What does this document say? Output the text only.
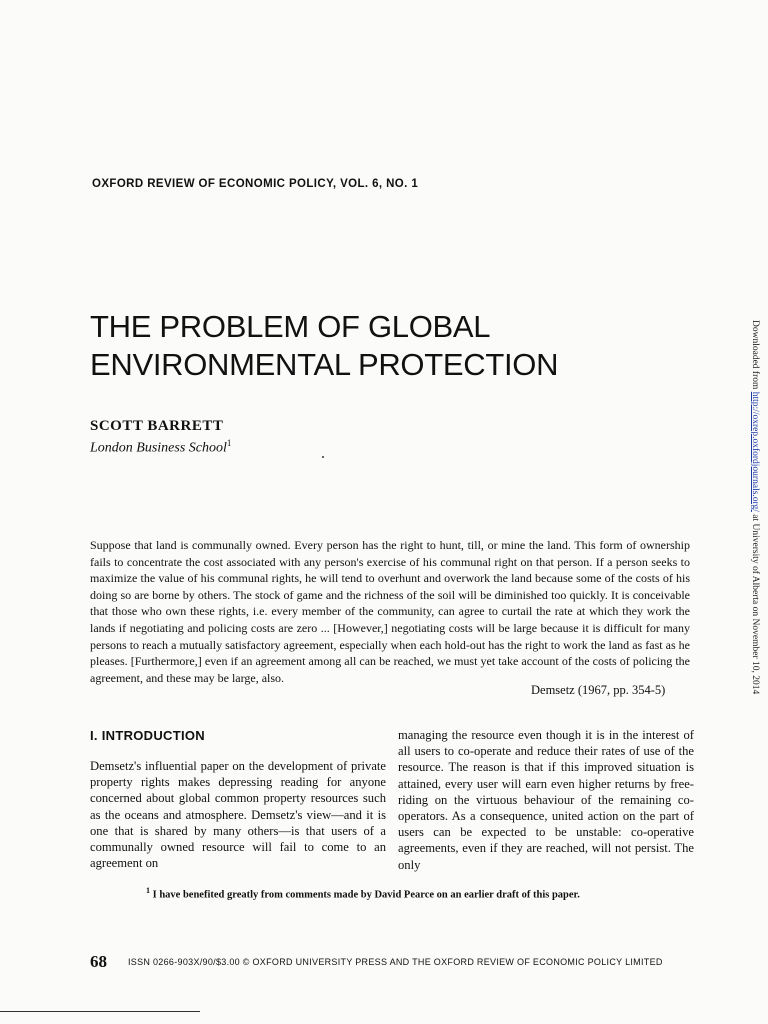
OXFORD REVIEW OF ECONOMIC POLICY, VOL. 6, NO. 1
THE PROBLEM OF GLOBAL
ENVIRONMENTAL PROTECTION
SCOTT BARRETT
London Business School$^1$

Suppose that land is communally owned. Every person has the right to hunt, till, or mine the land. This form of ownership fails to concentrate the cost associated with any person's exercise of his communal right on that person. If a person seeks to maximize the value of his communal rights, he will tend to overhunt and overwork the land because some of the costs of his doing so are borne by others. The stock of game and the richness of the soil will be diminished too quickly. It is conceivable that those who own these rights, i.e. every member of the community, can agree to curtail the rate at which they work the lands if negotiating and policing costs are zero ... [However,] negotiating costs will be large because it is difficult for many persons to reach a mutually satisfactory agreement, especially when each hold-out has the right to work the land as fast as he pleases. [Furthermore,] even if an agreement among all can be reached, we must yet take account of the costs of policing the agreement, and these may be large, also.

Demsetz (1967, pp. 354-5)
I. INTRODUCTION

Demsetz's influential paper on the development of private property rights makes depressing reading for anyone concerned about global common property resources such as the oceans and atmosphere. Demsetz's view—and it is one that is shared by many others—is that users of a communally owned resource will fail to come to an agreement on

managing the resource even though it is in the interest of all users to co-operate and reduce their rates of use of the resource. The reason is that if this improved situation is attained, every user will earn even higher returns by free-riding on the virtuous behaviour of the remaining co-operators. As a consequence, united action on the part of users can be expected to be unstable: co-operative agreements, even if they are reached, will not persist. The only

$^1$ I have benefited greatly from comments made by David Pearce on an earlier draft of this paper.
68 ISSN 0266-903X/90/$3.00 © OXFORD UNIVERSITY PRESS AND THE OXFORD REVIEW OF ECONOMIC POLICY LIMITED
Downloaded from http://oxrep.oxfordjournals.org/ at University of Alberta on November 10, 2014
